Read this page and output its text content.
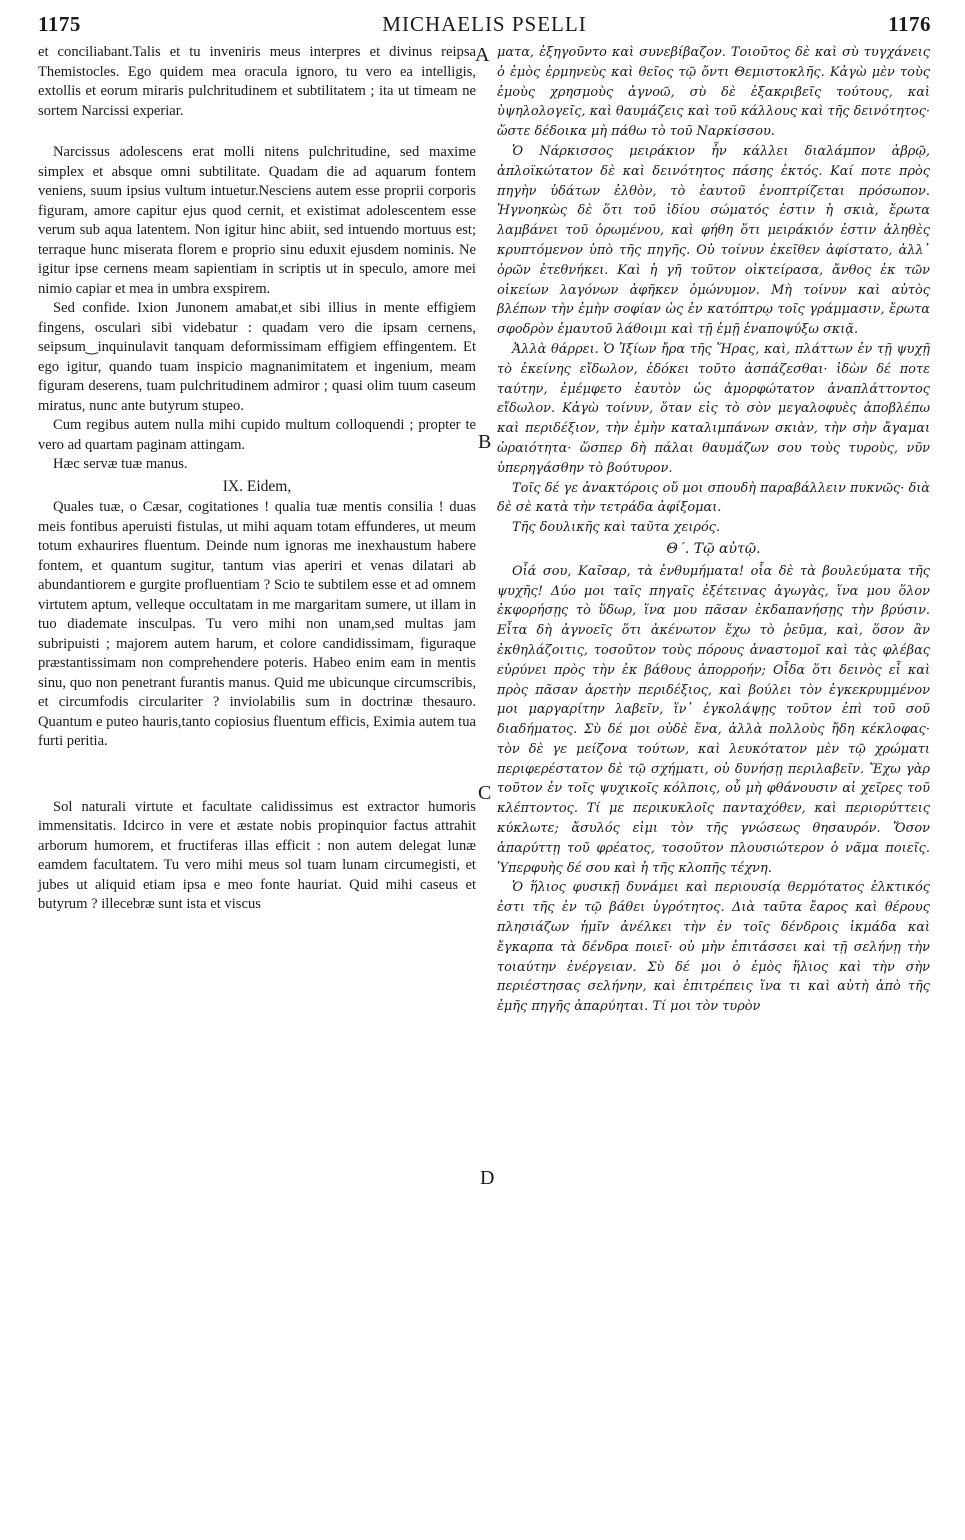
1175	MICHAELIS PSELLI	1176

et conciliabant.Talis et tu inveniris meus interpres et divinus reipsa Themistocles. Ego quidem mea oracula ignoro, tu vero ea intelligis, extollis et eorum miraris pulchritudinem et subtilitatem ; ita ut timeam ne sortem Narcissi experiar.

Narcissus adolescens erat molli nitens pulchritudine, sed maxime simplex et absque omni subtilitate. Quadam die ad aquarum fontem veniens, suum ipsius vultum intuetur.Nesciens autem esse proprii corporis figuram, amore capitur ejus quod cernit, et existimat adolescentem esse verum sub aqua latentem. Non igitur hinc abiit, sed intuendo mortuus est; terraque hunc miserata florem e proprio sinu eduxit ejusdem nominis. Ne igitur ipse cernens meam sapientiam in scriptis ut in speculo, amore mei nimio capiar et mea in umbra exspirem.

Sed confide. Ixion Junonem amabat,et sibi illius in mente effigiem fingens, osculari sibi videbatur : quadam vero die ipsam cernens, seipsum‿inquinulavit tanquam deformissimam effigiem effingentem. Et ego igitur, quando tuam inspicio magnanimitatem et ingenium, meam figuram deserens, tuam pulchritudinem admiror ; quasi olim tuum caseum miratus, nunc ante butyrum stupeo.

Cum regibus autem nulla mihi cupido multum colloquendi ; propter te vero ad quartam paginam attingam.

Hæc servæ tuæ manus.

IX. Eidem,

Quales tuæ, o Cæsar, cogitationes ! qualia tuæ mentis consilia ! duas meis fontibus aperuisti fistulas, ut mihi aquam totam effunderes, ut meum totum exhaurires fluentum. Deinde num ignoras me inexhaustum habere fontem, et quantum sugitur, tantum vias aperiri et venas dilatari ab abundantiorem e gurgite profluentiam ? Scio te subtilem esse et ad omnem virtutem aptum, velleque occultatam in me margaritam sumere, ut illam in tuo diademate insculpas. Tu vero mihi non unam,sed multas jam subripuisti ; majorem autem harum, et colore candidissimam, figuraque præstantissimam non comprehendere poteris. Habeo enim eam in mentis sinu, quo non penetrant furantis manus. Quid me ubicunque circumscribis, et circumfodis circulariter ? inviolabilis sum in doctrinæ thesauro. Quantum e puteo hauris,tanto copiosius fluentum efficis, Eximia autem tua furti peritia.

Sol naturali virtute et facultate calidissimus est extractor humoris immensitatis. Idcirco in vere et æstate nobis propinquior factus attrahit arborum humorem, et fructiferas illas efficit : non autem delegat lunæ eamdem facultatem. Tu vero mihi meus sol tuam lunam circumegisti, et jubes ut aliquid etiam ipsa e meo fonte hauriat. Quid mihi caseus et butyrum ? illecebræ sunt ista et viscus

ματα, ἐξηγοῦντο καὶ συνεβίβαζον. Τοιοῦτος δὲ καὶ σὺ τυγχάνεις ὁ ἐμὸς ἑρμηνεὺς καὶ θεῖος τῷ ὄντι Θεμιστοκλῆς. Κἀγὼ μὲν τοὺς ἐμοὺς χρησμοὺς ἀγνοῶ, σὺ δὲ ἐξακριβεῖς τούτους, καὶ ὑψηλολογεῖς, καὶ θαυμάζεις καὶ τοῦ κάλλους καὶ τῆς δεινότητος· ὥστε δέδοικα μὴ πάθω τὸ τοῦ Ναρκίσσου.

Ὁ Νάρκισσος μειράκιον ἦν κάλλει διαλάμπον ἁβρῷ, ἁπλοϊκώτατον δὲ καὶ δεινότητος πάσης ἐκτός. Καί ποτε πρὸς πηγὴν ὑδάτων ἐλθὸν, τὸ ἑαυτοῦ ἐνοπτρίζεται πρόσωπον. Ἠγνοηκὼς δὲ ὅτι τοῦ ἰδίου σώματός ἐστιν ἡ σκιὰ, ἔρωτα λαμβάνει τοῦ ὁρωμένου, καὶ φήθη ὅτι μειράκιόν ἐστιν ἀληθὲς κρυπτόμενον ὑπὸ τῆς πηγῆς. Οὐ τοίνυν ἐκεῖθεν ἀφίστατο, ἀλλ᾽ ὁρῶν ἐτεθνήκει. Καὶ ἡ γῆ τοῦτον οἰκτείρασα, ἄνθος ἐκ τῶν οἰκείων λαγόνων ἀφῆκεν ὁμώνυμον. Μὴ τοίνυν καὶ αὐτὸς βλέπων τὴν ἐμὴν σοφίαν ὡς ἐν κατόπτρῳ τοῖς γράμμασιν, ἔρωτα σφοδρὸν ἐμαυτοῦ λάθοιμι καὶ τῇ ἐμῇ ἐναποψύξω σκιᾷ.

Ἀλλὰ θάρρει. Ὁ Ἰξίων ἤρα τῆς Ἥρας, καὶ, πλάττων ἐν τῇ ψυχῇ τὸ ἐκείνης εἴδωλον, ἐδόκει τοῦτο ἀσπάζεσθαι· ἰδὼν δέ ποτε ταύτην, ἐμέμφετο ἑαυτὸν ὡς ἀμορφώτατον ἀναπλάττοντος εἴδωλον. Κἀγὼ τοίνυν, ὅταν εἰς τὸ σὸν μεγαλοφυὲς ἀποβλέπω καὶ περιδέξιον, τὴν ἐμὴν καταλιμπάνων σκιὰν, τὴν σὴν ἄγαμαι ὡραιότητα· ὥσπερ δὴ πάλαι θαυμάζων σου τοὺς τυροὺς, νῦν ὑπερηγάσθην τὸ βούτυρον.

Τοῖς δέ γε ἀνακτόροις οὔ μοι σπουδὴ παραβάλλειν πυκνῶς· διὰ δὲ σὲ κατὰ τὴν τετράδα ἀφίξομαι.

Τῆς δουλικῆς καὶ ταῦτα χειρός.

Θ΄. Τῷ αὐτῷ.

Οἷά σου, Καῖσαρ, τὰ ἐνθυμήματα! οἷα δὲ τὰ βουλεύματα τῆς ψυχῆς! Δύο μοι ταῖς πηγαῖς ἐξέτεινας ἀγωγὰς, ἵνα μου ὅλον ἐκφορήσῃς τὸ ὕδωρ, ἵνα μου πᾶσαν ἐκδαπανήσῃς τὴν βρύσιν. Εἶτα δὴ ἀγνοεῖς ὅτι ἀκένωτον ἔχω τὸ ῥεῦμα, καὶ, ὅσον ἂν ἐκθηλάζοιτις, τοσοῦτον τοὺς πόρους ἀναστομοῖ καὶ τὰς φλέβας εὐρύνει πρὸς τὴν ἐκ βάθους ἀπορροήν; Οἶδα ὅτι δεινὸς εἶ καὶ πρὸς πᾶσαν ἀρετὴν περιδέξιος, καὶ βούλει τὸν ἐγκεκρυμμένον μοι μαργαρίτην λαβεῖν, ἵν᾽ ἐγκολάψῃς τοῦτον ἐπὶ τοῦ σοῦ διαδήματος. Σὺ δέ μοι οὐδὲ ἕνα, ἀλλὰ πολλοὺς ἤδη κέκλοφας· τὸν δὲ γε μείζονα τούτων, καὶ λευκότατον μὲν τῷ χρώματι περιφερέστατον δὲ τῷ σχήματι, οὐ δυνήσῃ περιλαβεῖν. Ἔχω γὰρ τοῦτον ἐν τοῖς ψυχικοῖς κόλποις, οὗ μὴ φθάνουσιν αἱ χεῖρες τοῦ κλέπτοντος. Τί με περικυκλοῖς πανταχόθεν, καὶ περιορύττεις κύκλωτε; ἄσυλός εἰμι τὸν τῆς γνώσεως θησαυρόν. Ὅσον ἀπαρύττῃ τοῦ φρέατος, τοσοῦτον πλουσιώτερον ὁ νᾶμα ποιεῖς. Ὑπερφυὴς δέ σου καὶ ἡ τῆς κλοπῆς τέχνη.

Ὁ ἥλιος φυσικῇ δυνάμει καὶ περιουσίᾳ θερμότατος ἑλκτικός ἐστι τῆς ἐν τῷ βάθει ὑγρότητος. Διὰ ταῦτα ἔαρος καὶ θέρους πλησιάζων ἡμῖν ἀνέλκει τὴν ἐν τοῖς δένδροις ἰκμάδα καὶ ἔγκαρπα τὰ δένδρα ποιεῖ· οὐ μὴν ἐπιτάσσει καὶ τῇ σελήνῃ τὴν τοιαύτην ἐνέργειαν. Σὺ δέ μοι ὁ ἐμὸς ἥλιος καὶ τὴν σὴν περιέστησας σελήνην, καὶ ἐπιτρέπεις ἵνα τι καὶ αὐτὴ ἀπὸ τῆς ἐμῆς πηγῆς ἀπαρύηται. Τί μοι τὸν τυρὸν

A
B
C
D
